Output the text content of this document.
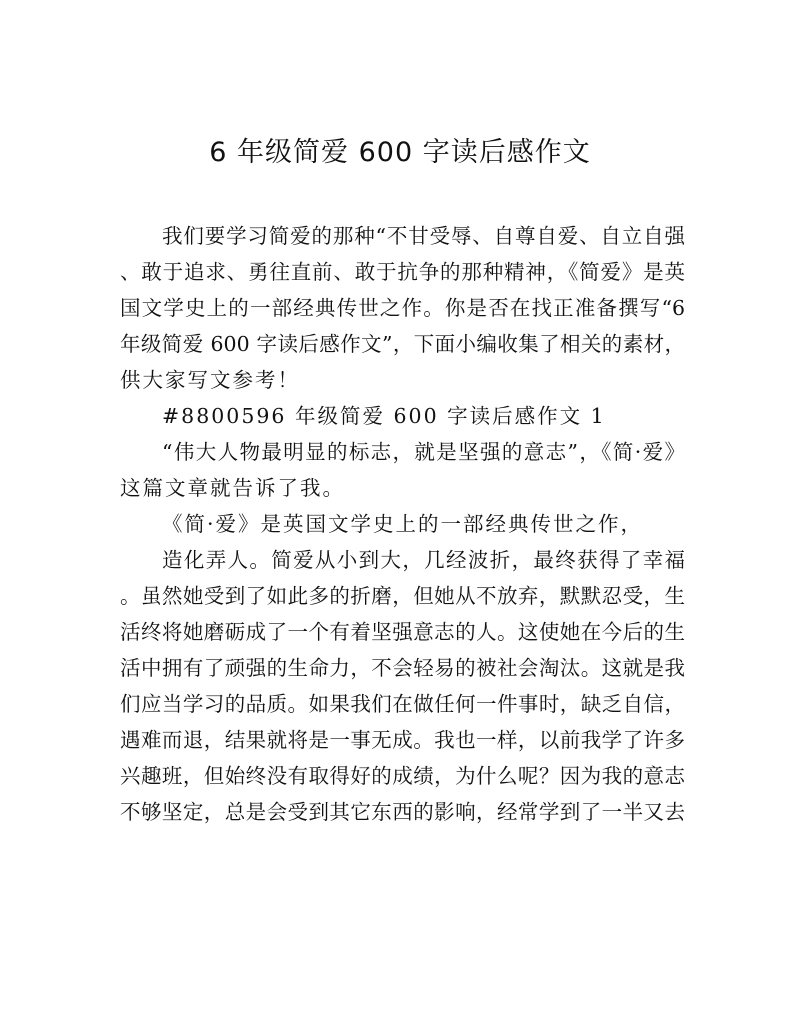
6 年级简爱 600 字读后感作文
我们要学习简爱的那种“不甘受辱、自尊自爱、自立自强
、敢于追求、勇往直前、敢于抗争的那种精神，《简爱》是英
国文学史上的一部经典传世之作。你是否在找正准备撰写“6
年级简爱 600 字读后感作文”，下面小编收集了相关的素材，
供大家写文参考！
#8800596 年级简爱 600 字读后感作文 1
“伟大人物最明显的标志，就是坚强的意志”，《简·爱》
这篇文章就告诉了我。
《简·爱》是英国文学史上的一部经典传世之作，
造化弄人。简爱从小到大，几经波折，最终获得了幸福
。虽然她受到了如此多的折磨，但她从不放弃，默默忍受，生
活终将她磨砺成了一个有着坚强意志的人。这使她在今后的生
活中拥有了顽强的生命力，不会轻易的被社会淘汰。这就是我
们应当学习的品质。如果我们在做任何一件事时，缺乏自信，
遇难而退，结果就将是一事无成。我也一样，以前我学了许多
兴趣班，但始终没有取得好的成绩，为什么呢？因为我的意志
不够坚定，总是会受到其它东西的影响，经常学到了一半又去
